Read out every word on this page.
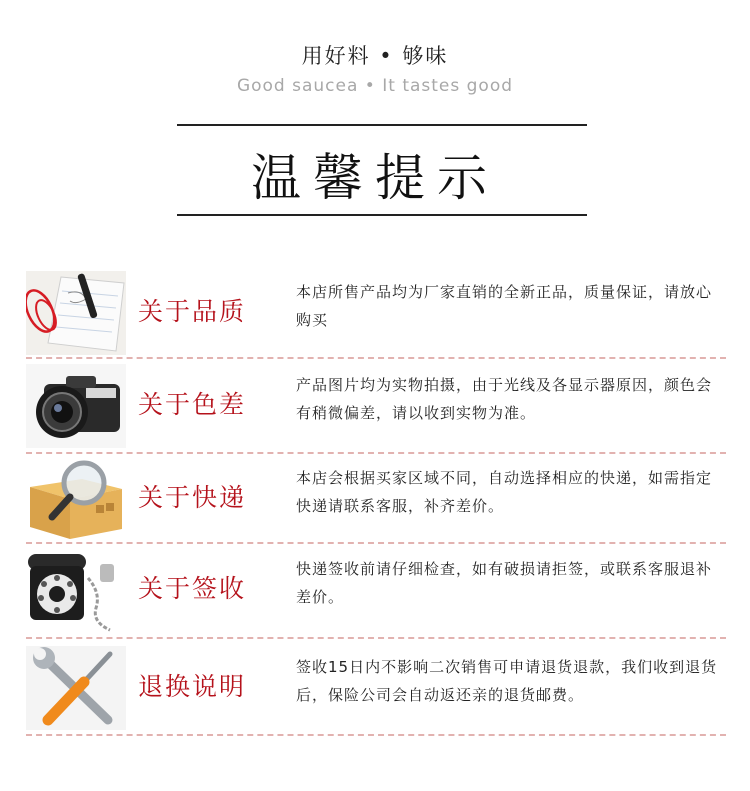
用好料 • 够味
Good saucea • It tastes good
温馨提示
关于品质
本店所售产品均为厂家直销的全新正品，质量保证，请放心购买
关于色差
产品图片均为实物拍摄，由于光线及各显示器原因，颜色会有稍微偏差，请以收到实物为准。
关于快递
本店会根据买家区域不同，自动选择相应的快递，如需指定快递请联系客服，补齐差价。
关于签收
快递签收前请仔细检查，如有破损请拒签，或联系客服退补差价。
退换说明
签收15日内不影响二次销售可申请退货退款，我们收到退货后，保险公司会自动返还亲的退货邮费。
